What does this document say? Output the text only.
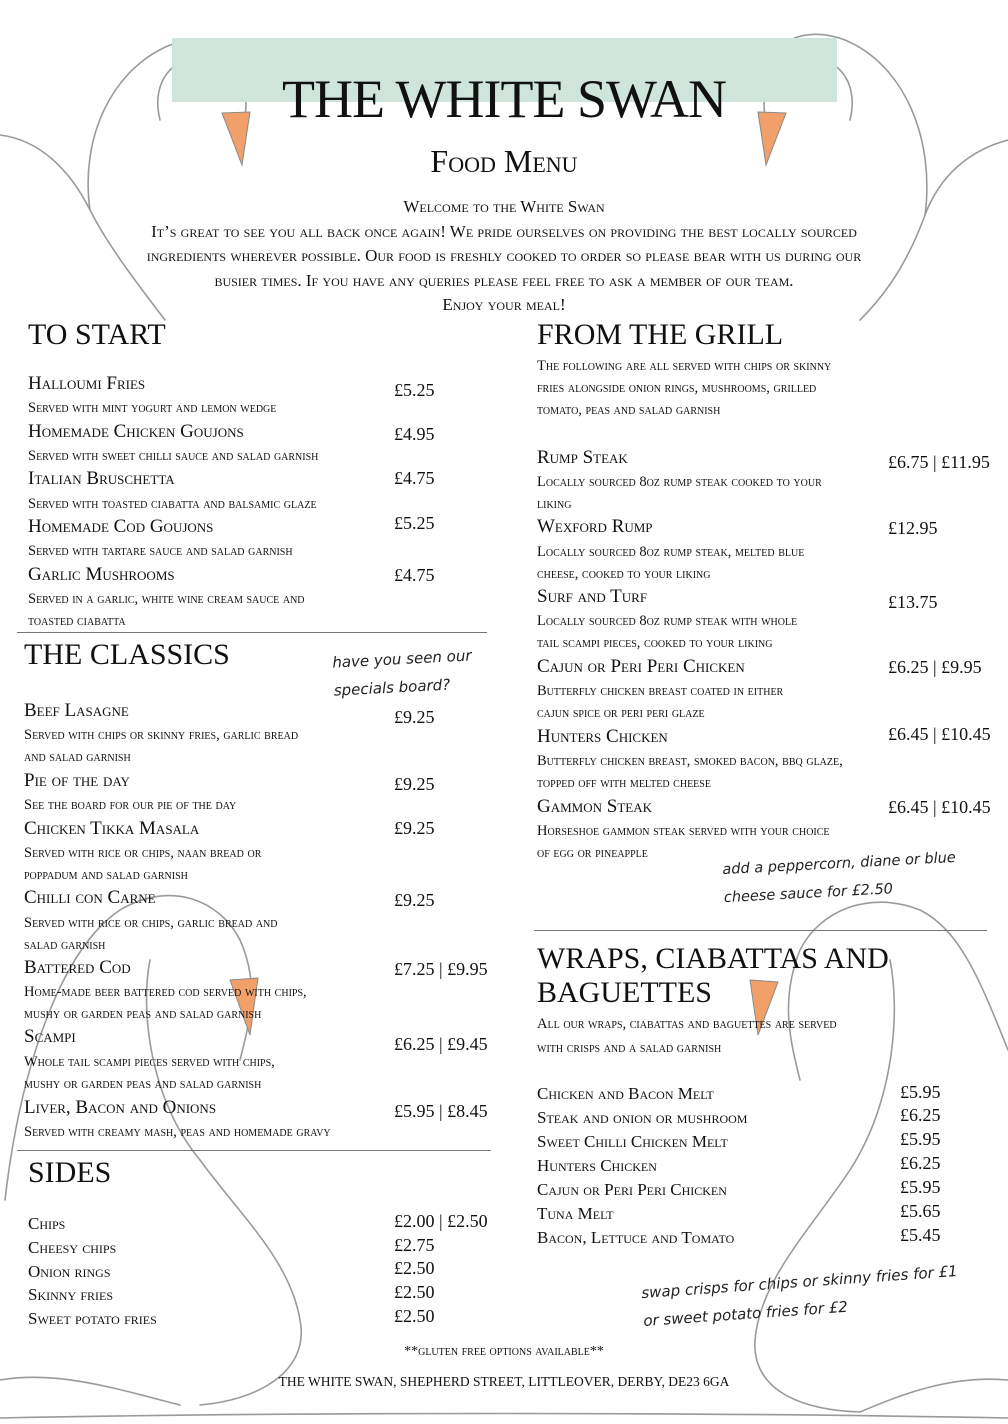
THE WHITE SWAN
Food Menu
Welcome to the White Swan
It’s great to see you all back once again! We pride ourselves on providing the best locally sourced
ingredients wherever possible. Our food is freshly cooked to order so please bear with us during our
busier times. If you have any queries please feel free to ask a member of our team.
Enjoy your meal!
TO START
Halloumi Fries	£5.25
Served with mint yogurt and lemon wedge
Homemade Chicken Goujons	£4.95
Served with sweet chilli sauce and salad garnish
Italian Bruschetta	£4.75
Served with toasted ciabatta and balsamic glaze
Homemade Cod Goujons	£5.25
Served with tartare sauce and salad garnish
Garlic Mushrooms	£4.75
Served in a garlic, white wine cream sauce and
toasted ciabatta
THE CLASSICS	have you seen our
specials board?
Beef Lasagne	£9.25
Served with chips or skinny fries, garlic bread
and salad garnish
Pie of the day	£9.25
See the board for our pie of the day
Chicken Tikka Masala	£9.25
Served with rice or chips, naan bread or
poppadum and salad garnish
Chilli con Carne	£9.25
Served with rice or chips, garlic bread and
salad garnish
Battered Cod	£7.25 | £9.95
Home-made beer battered cod served with chips,
mushy or garden peas and salad garnish
Scampi	£6.25 | £9.45
Whole tail scampi pieces served with chips,
mushy or garden peas and salad garnish
Liver, Bacon and Onions	£5.95 | £8.45
Served with creamy mash, peas and homemade gravy
SIDES
Chips	£2.00 | £2.50
Cheesy chips	£2.75
Onion rings	£2.50
Skinny fries	£2.50
Sweet potato fries	£2.50
FROM THE GRILL
The following are all served with chips or skinny
fries alongside onion rings, mushrooms, grilled
tomato, peas and salad garnish
Rump Steak	£6.75 | £11.95
Locally sourced 8oz rump steak cooked to your
liking
Wexford Rump	£12.95
Locally sourced 8oz rump steak, melted blue
cheese, cooked to your liking
Surf and Turf	£13.75
Locally sourced 8oz rump steak with whole
tail scampi pieces, cooked to your liking
Cajun or Peri Peri Chicken	£6.25 | £9.95
Butterfly chicken breast coated in either
cajun spice or peri peri glaze
Hunters Chicken	£6.45 | £10.45
Butterfly chicken breast, smoked bacon, bbq glaze,
topped off with melted cheese
Gammon Steak	£6.45 | £10.45
Horseshoe gammon steak served with your choice
of egg or pineapple	add a peppercorn, diane or blue
cheese sauce for £2.50
WRAPS, CIABATTAS AND
BAGUETTES
All our wraps, ciabattas and baguettes are served
with crisps and a salad garnish
Chicken and Bacon Melt	£5.95
Steak and onion or mushroom	£6.25
Sweet Chilli Chicken Melt	£5.95
Hunters Chicken	£6.25
Cajun or Peri Peri Chicken	£5.95
Tuna Melt	£5.65
Bacon, Lettuce and Tomato	£5.45
swap crisps for chips or skinny fries for £1
or sweet potato fries for £2
**gluten free options available**
THE WHITE SWAN, SHEPHERD STREET, LITTLEOVER, DERBY, DE23 6GA
